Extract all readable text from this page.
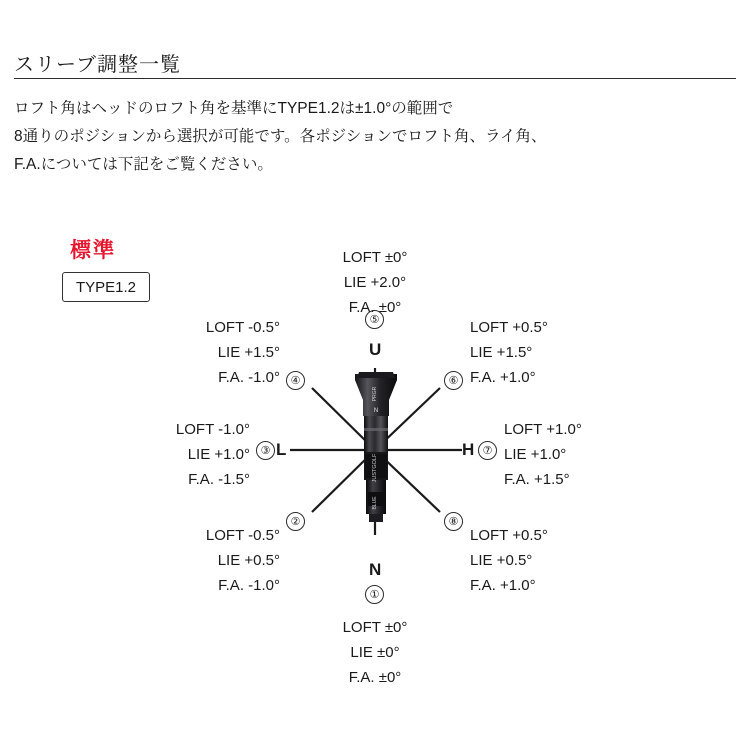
スリーブ調整一覧
ロフト角はヘッドのロフト角を基準にTYPE1.2は±1.0°の範囲で
8通りのポジションから選択が可能です。各ポジションでロフト角、ライ角、
F.A.については下記をご覧ください。
標準
TYPE1.2
PRGR
N
JUSTGOLF
BLUE
U
L	H
N
⑤
LOFT ±0°
LIE +2.0°
F.A. ±0°
④
LOFT -0.5°
LIE +1.5°
F.A. -1.0°	⑥
LOFT +0.5°
LIE +1.5°
F.A. +1.0°
③
LOFT -1.0°
LIE +1.0°
F.A. -1.5°
⑦
LOFT +1.0°
LIE +1.0°
F.A. +1.5°
②
LOFT -0.5°
LIE +0.5°
F.A. -1.0°
⑧
LOFT +0.5°
LIE +0.5°
F.A. +1.0°
①
LOFT ±0°
LIE ±0°
F.A. ±0°
